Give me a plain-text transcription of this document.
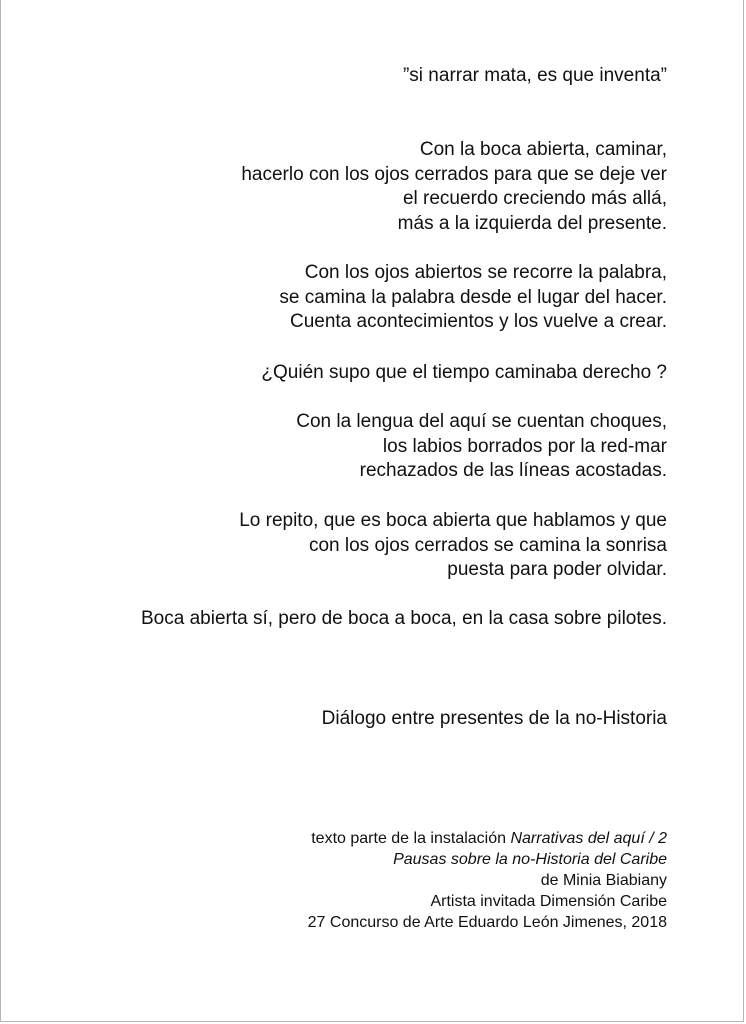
”si narrar mata, es que inventa”
Con la boca abierta, caminar,
hacerlo con los ojos cerrados para que se deje ver
el recuerdo creciendo más allá,
más a la izquierda del presente.
Con los ojos abiertos se recorre la palabra,
se camina la palabra desde el lugar del hacer.
Cuenta acontecimientos y los vuelve a crear.
¿Quién supo que el tiempo caminaba derecho ?
Con la lengua del aquí se cuentan choques,
los labios borrados por la red-mar
rechazados de las líneas acostadas.
Lo repito, que es boca abierta que hablamos y que
con los ojos cerrados se camina la sonrisa
puesta para poder olvidar.
Boca abierta sí, pero de boca a boca, en la casa sobre pilotes.
Diálogo entre presentes de la no-Historia
texto parte de la instalación Narrativas del aquí / 2
Pausas sobre la no-Historia del Caribe
de Minia Biabiany
Artista invitada Dimensión Caribe
27 Concurso de Arte Eduardo León Jimenes, 2018
